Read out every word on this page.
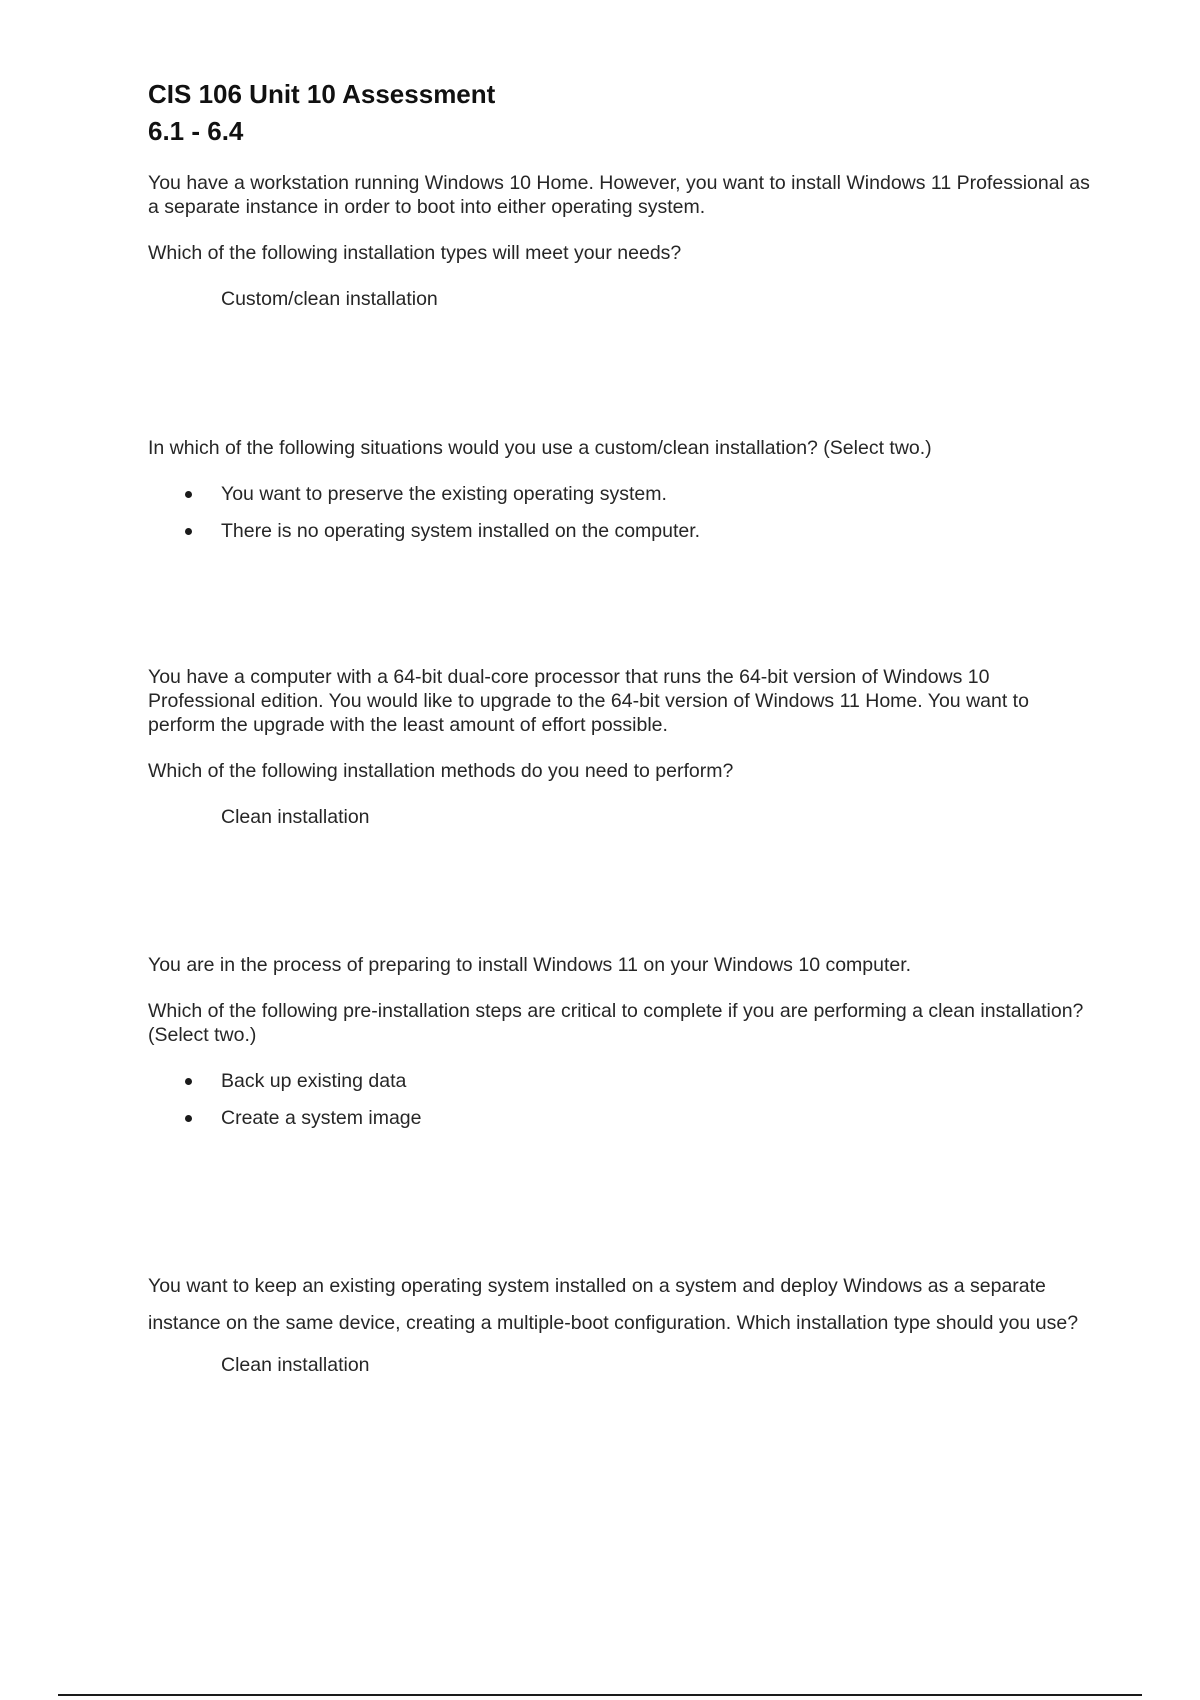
CIS 106 Unit 10 Assessment
6.1 - 6.4

You have a workstation running Windows 10 Home. However, you want to install Windows 11 Professional as a separate instance in order to boot into either operating system.

Which of the following installation types will meet your needs?

Custom/clean installation

In which of the following situations would you use a custom/clean installation? (Select two.)

You want to preserve the existing operating system.
There is no operating system installed on the computer.

You have a computer with a 64-bit dual-core processor that runs the 64-bit version of Windows 10 Professional edition. You would like to upgrade to the 64-bit version of Windows 11 Home. You want to perform the upgrade with the least amount of effort possible.

Which of the following installation methods do you need to perform?

Clean installation

You are in the process of preparing to install Windows 11 on your Windows 10 computer.

Which of the following pre-installation steps are critical to complete if you are performing a clean installation? (Select two.)

Back up existing data
Create a system image

You want to keep an existing operating system installed on a system and deploy Windows as a separate instance on the same device, creating a multiple-boot configuration. Which installation type should you use?

Clean installation
